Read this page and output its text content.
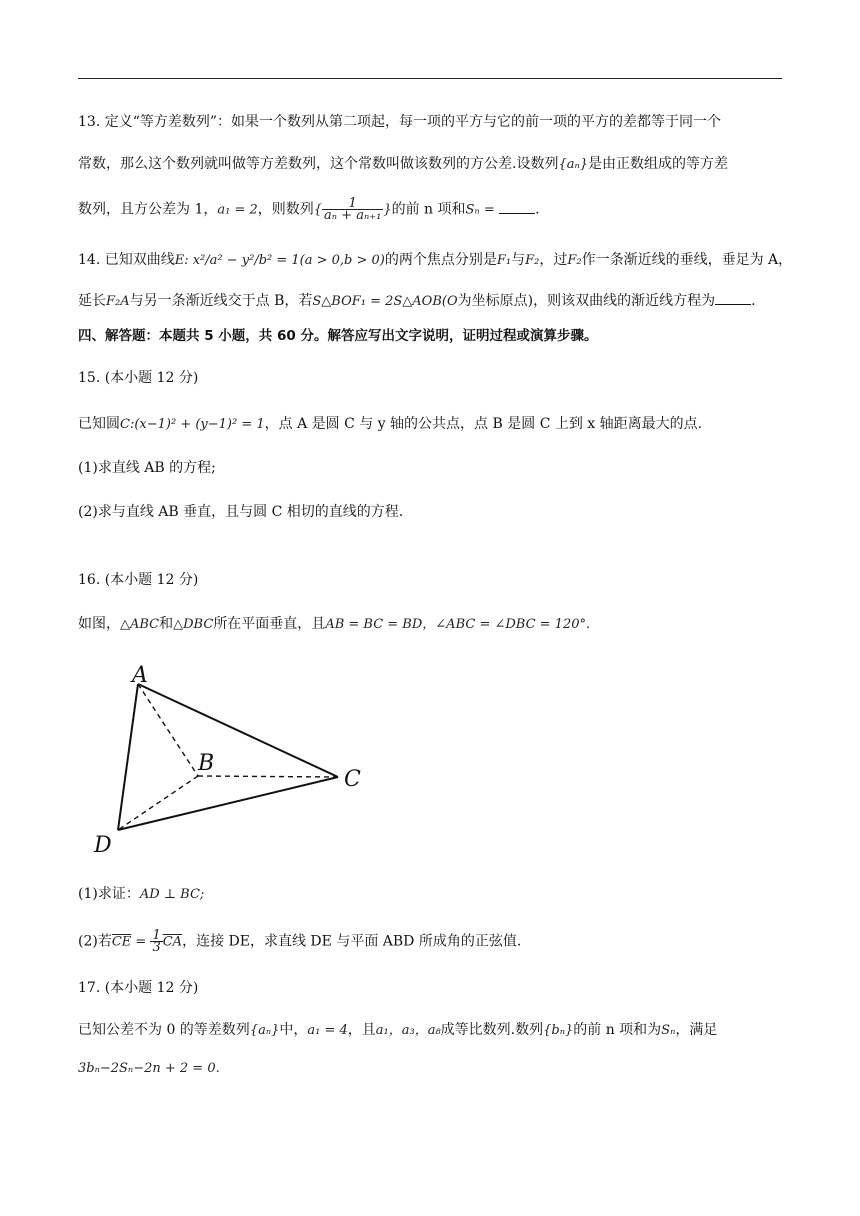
13. 定义“等方差数列”：如果一个数列从第二项起，每一项的平方与它的前一项的平方的差都等于同一个
常数，那么这个数列就叫做等方差数列，这个常数叫做该数列的方公差.设数列{aₙ}是由正数组成的等方差
数列，且方公差为 1，a₁ = 2，则数列{ $\frac{1}{\text{aₙ + aₙ₊₁}}$ }的前 n 项和Sₙ =	.
14. 已知双曲线E: x²/a² − y²/b² = 1(a > 0,b > 0)的两个焦点分别是F₁与F₂，过F₂作一条渐近线的垂线，垂足为 A，
延长F₂A与另一条渐近线交于点 B，若S△BOF₁ = 2S△AOB(O为坐标原点)，则该双曲线的渐近线方程为	.
四、解答题：本题共 5 小题，共 60 分。解答应写出文字说明，证明过程或演算步骤。
15. (本小题 12 分)
已知圆C:(x−1)² + (y−1)² = 1，点 A 是圆 C 与 y 轴的公共点，点 B 是圆 C 上到 x 轴距离最大的点.
(1)求直线 AB 的方程;
(2)求与直线 AB 垂直，且与圆 C 相切的直线的方程.
16. (本小题 12 分)
如图，△ABC和△DBC所在平面垂直，且AB = BC = BD，∠ABC = ∠DBC = 120°.
A
B
C
D
(1)求证：AD ⊥ BC;
(2)若$\overline{CE} = \frac{1}{3} \overline{CA}$，连接 DE，求直线 DE 与平面 ABD 所成角的正弦值.
17. (本小题 12 分)
已知公差不为 0 的等差数列{aₙ}中，a₁ = 4，且a₁，a₃，a₈成等比数列.数列{bₙ}的前 n 项和为Sₙ，满足
3bₙ−2Sₙ−2n + 2 = 0.
